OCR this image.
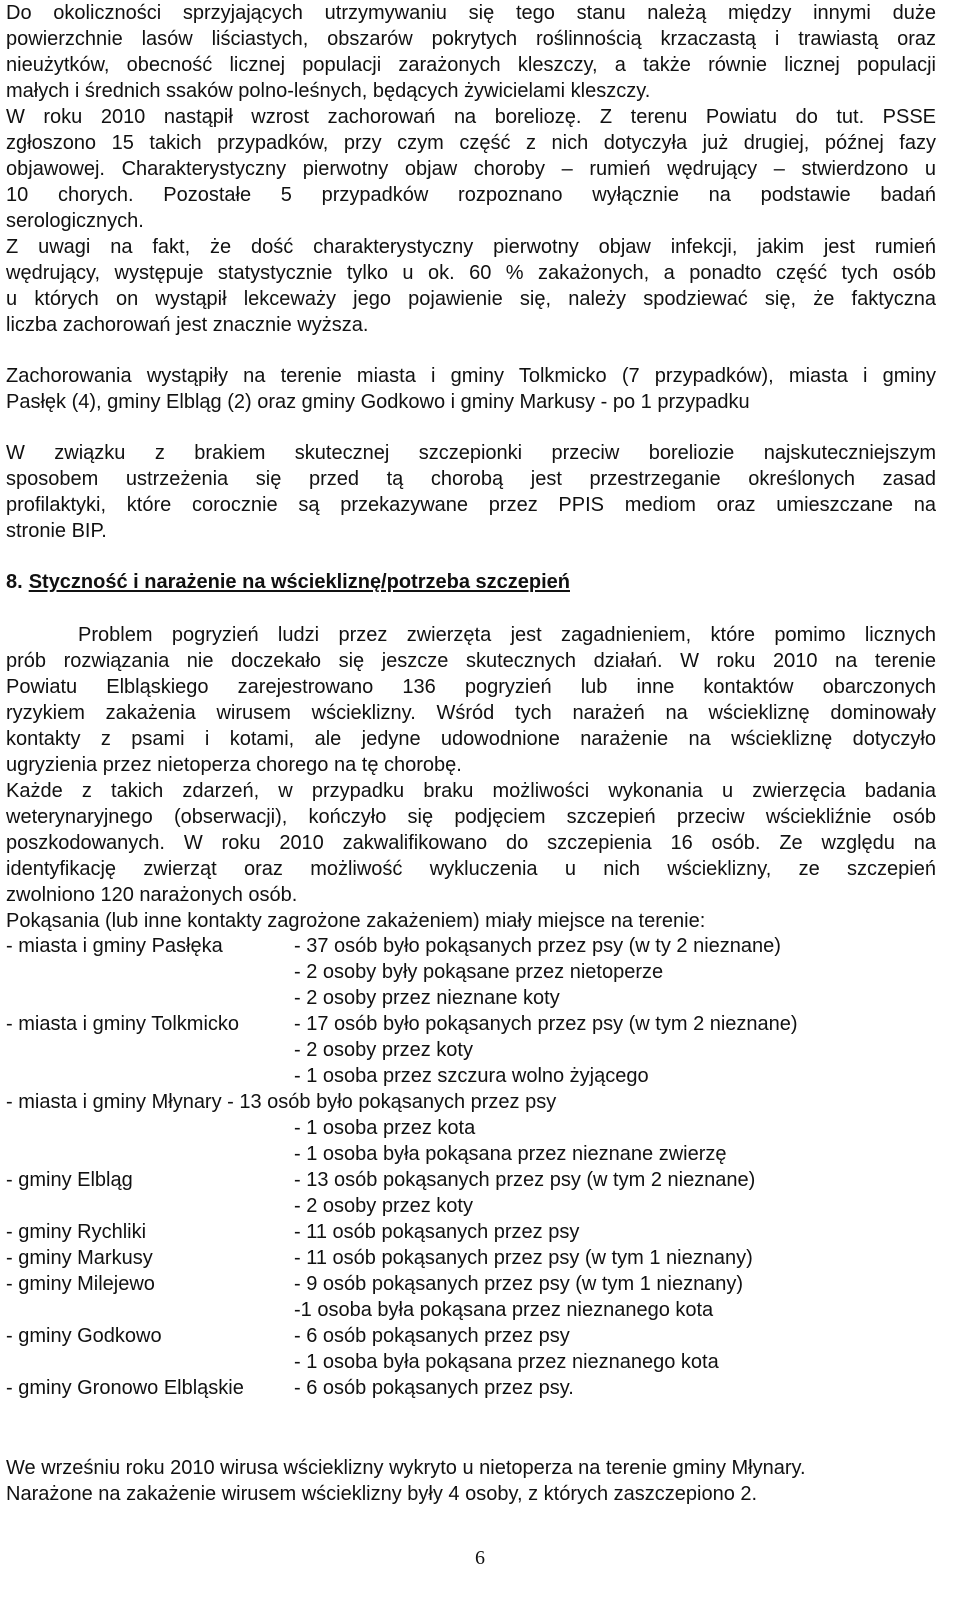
Do okoliczności sprzyjających utrzymywaniu się tego stanu należą między innymi duże
powierzchnie lasów liściastych, obszarów pokrytych roślinnością krzaczastą i trawiastą oraz
nieużytków, obecność licznej populacji zarażonych kleszczy, a także równie licznej populacji
małych i średnich ssaków polno-leśnych, będących żywicielami kleszczy.
W roku 2010 nastąpił wzrost zachorowań na boreliozę. Z terenu Powiatu do tut. PSSE
zgłoszono 15 takich przypadków, przy czym część z nich dotyczyła już drugiej, późnej fazy
objawowej. Charakterystyczny pierwotny objaw choroby – rumień wędrujący – stwierdzono u
10 chorych. Pozostałe 5 przypadków rozpoznano wyłącznie na podstawie badań
serologicznych.
Z uwagi na fakt, że dość charakterystyczny pierwotny objaw infekcji, jakim jest rumień
wędrujący, występuje statystycznie tylko u ok. 60 % zakażonych, a ponadto część tych osób
u których on wystąpił lekceważy jego pojawienie się, należy spodziewać się, że faktyczna
liczba zachorowań jest znacznie wyższa.
Zachorowania wystąpiły na terenie miasta i gminy Tolkmicko (7 przypadków), miasta i gminy
Pasłęk (4), gminy Elbląg (2) oraz gminy Godkowo i gminy Markusy - po 1 przypadku
W związku z brakiem skutecznej szczepionki przeciw boreliozie najskuteczniejszym
sposobem ustrzeżenia się przed tą chorobą jest przestrzeganie określonych zasad
profilaktyki, które corocznie są przekazywane przez PPIS mediom oraz umieszczane na
stronie BIP.
8. Styczność i narażenie na wściekliznę/potrzeba szczepień
Problem pogryzień ludzi przez zwierzęta jest zagadnieniem, które pomimo licznych
prób rozwiązania nie doczekało się jeszcze skutecznych działań. W roku 2010 na terenie
Powiatu Elbląskiego zarejestrowano 136 pogryzień lub inne kontaktów obarczonych
ryzykiem zakażenia wirusem wścieklizny. Wśród tych narażeń na wściekliznę dominowały
kontakty z psami i kotami, ale jedyne udowodnione narażenie na wściekliznę dotyczyło
ugryzienia przez nietoperza chorego na tę chorobę.
Każde z takich zdarzeń, w przypadku braku możliwości wykonania u zwierzęcia badania
weterynaryjnego (obserwacji), kończyło się podjęciem szczepień przeciw wściekliźnie osób
poszkodowanych. W roku 2010 zakwalifikowano do szczepienia 16 osób. Ze względu na
identyfikację zwierząt oraz możliwość wykluczenia u nich wścieklizny, ze szczepień
zwolniono 120 narażonych osób.
Pokąsania (lub inne kontakty zagrożone zakażeniem) miały miejsce na terenie:
- miasta i gminy Pasłęka	- 37 osób było pokąsanych przez psy (w ty 2 nieznane)
- 2 osoby były pokąsane przez nietoperze
- 2 osoby przez nieznane koty
- miasta i gminy Tolkmicko	- 17 osób było pokąsanych przez psy (w tym 2 nieznane)
- 2 osoby przez koty
- 1 osoba przez szczura wolno żyjącego
- miasta i gminy Młynary - 13 osób było pokąsanych przez psy
- 1 osoba przez kota
- 1 osoba była pokąsana przez nieznane zwierzę
- gminy Elbląg	- 13 osób pokąsanych przez psy (w tym 2 nieznane)
- 2 osoby przez koty
- gminy Rychliki	- 11 osób pokąsanych przez psy
- gminy Markusy	- 11 osób pokąsanych przez psy (w tym 1 nieznany)
- gminy Milejewo	- 9 osób pokąsanych przez psy (w tym 1 nieznany)
-1 osoba była pokąsana przez nieznanego kota
- gminy Godkowo	- 6 osób pokąsanych przez psy
- 1 osoba była pokąsana przez nieznanego kota
- gminy Gronowo Elbląskie	- 6 osób pokąsanych przez psy.
We wrześniu roku 2010 wirusa wścieklizny wykryto u nietoperza na terenie gminy Młynary.
Narażone na zakażenie wirusem wścieklizny były 4 osoby, z których zaszczepiono 2.
6
